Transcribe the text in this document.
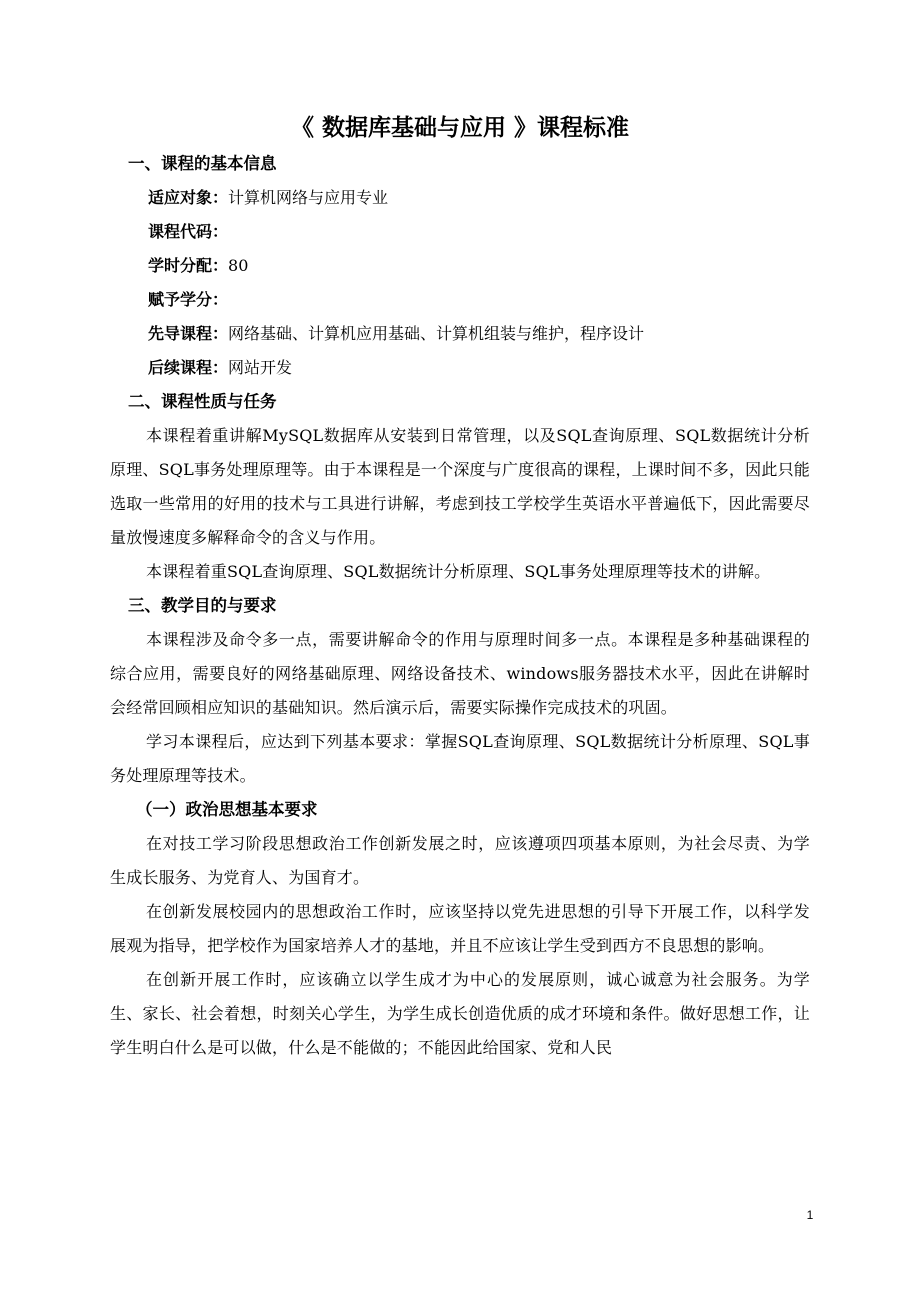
《 数据库基础与应用 》课程标准

一、课程的基本信息

适应对象：计算机网络与应用专业

课程代码：

学时分配：80

赋予学分：

先导课程：网络基础、计算机应用基础、计算机组装与维护，程序设计

后续课程：网站开发

二、课程性质与任务

本课程着重讲解MySQL数据库从安装到日常管理，以及SQL查询原理、SQL数据统计分析原理、SQL事务处理原理等。由于本课程是一个深度与广度很高的课程，上课时间不多，因此只能选取一些常用的好用的技术与工具进行讲解，考虑到技工学校学生英语水平普遍低下，因此需要尽量放慢速度多解释命令的含义与作用。

本课程着重SQL查询原理、SQL数据统计分析原理、SQL事务处理原理等技术的讲解。

三、教学目的与要求

本课程涉及命令多一点，需要讲解命令的作用与原理时间多一点。本课程是多种基础课程的综合应用，需要良好的网络基础原理、网络设备技术、windows服务器技术水平，因此在讲解时会经常回顾相应知识的基础知识。然后演示后，需要实际操作完成技术的巩固。

学习本课程后，应达到下列基本要求：掌握SQL查询原理、SQL数据统计分析原理、SQL事务处理原理等技术。

（一）政治思想基本要求

在对技工学习阶段思想政治工作创新发展之时，应该遵项四项基本原则，为社会尽责、为学生成长服务、为党育人、为国育才。

在创新发展校园内的思想政治工作时，应该坚持以党先进思想的引导下开展工作，以科学发展观为指导，把学校作为国家培养人才的基地，并且不应该让学生受到西方不良思想的影响。

在创新开展工作时，应该确立以学生成才为中心的发展原则，诚心诚意为社会服务。为学生、家长、社会着想，时刻关心学生，为学生成长创造优质的成才环境和条件。做好思想工作，让学生明白什么是可以做，什么是不能做的；不能因此给国家、党和人民

1
